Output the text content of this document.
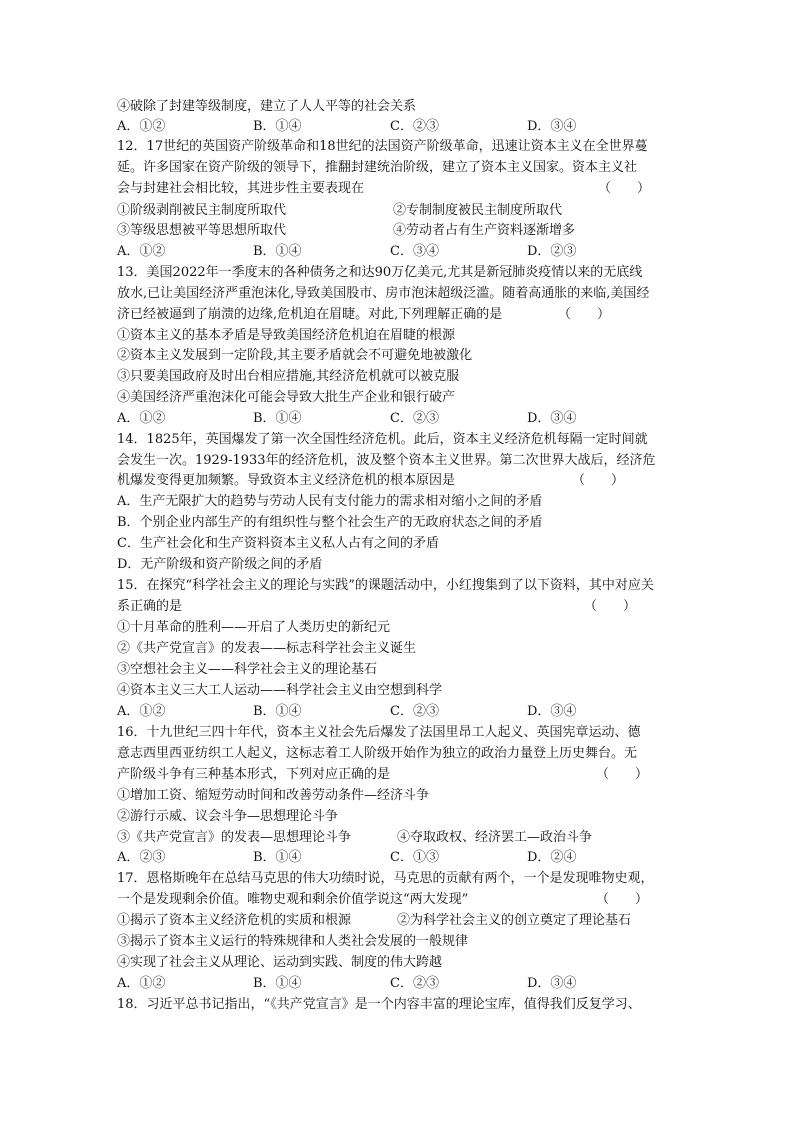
④破除了封建等级制度，建立了人人平等的社会关系
A．①②	B．①④	C．②③	D．③④
12．17世纪的英国资产阶级革命和18世纪的法国资产阶级革命，迅速让资本主义在全世界蔓
延。许多国家在资产阶级的领导下，推翻封建统治阶级，建立了资本主义国家。资本主义社
会与封建社会相比较，其进步性主要表现在	（　　）
①阶级剥削被民主制度所取代	②专制制度被民主制度所取代
③等级思想被平等思想所取代	④劳动者占有生产资料逐渐增多
A．①②	B．①④	C．③④	D．②③
13．美国2022年一季度末的各种债务之和达90万亿美元,尤其是新冠肺炎疫情以来的无底线
放水,已让美国经济严重泡沫化,导致美国股市、房市泡沫超级泛滥。随着高通胀的来临,美国经
济已经被逼到了崩溃的边缘,危机迫在眉睫。对此,下列理解正确的是	（　　）
①资本主义的基本矛盾是导致美国经济危机迫在眉睫的根源
②资本主义发展到一定阶段,其主要矛盾就会不可避免地被激化
③只要美国政府及时出台相应措施,其经济危机就可以被克服
④美国经济严重泡沫化可能会导致大批生产企业和银行破产
A．①②	B．①④	C．②③	D．③④
14．1825年，英国爆发了第一次全国性经济危机。此后，资本主义经济危机每隔一定时间就
会发生一次。1929-1933年的经济危机，波及整个资本主义世界。第二次世界大战后，经济危
机爆发变得更加频繁。导致资本主义经济危机的根本原因是	（　　）
A．生产无限扩大的趋势与劳动人民有支付能力的需求相对缩小之间的矛盾
B．个别企业内部生产的有组织性与整个社会生产的无政府状态之间的矛盾
C．生产社会化和生产资料资本主义私人占有之间的矛盾
D．无产阶级和资产阶级之间的矛盾
15．在探究“科学社会主义的理论与实践”的课题活动中，小红搜集到了以下资料，其中对应关
系正确的是	（　　）
①十月革命的胜利——开启了人类历史的新纪元
②《共产党宣言》的发表——标志科学社会主义诞生
③空想社会主义——科学社会主义的理论基石
④资本主义三大工人运动——科学社会主义由空想到科学
A．①②	B．①④	C．②③	D．③④
16．十九世纪三四十年代，资本主义社会先后爆发了法国里昂工人起义、英国宪章运动、德
意志西里西亚纺织工人起义，这标志着工人阶级开始作为独立的政治力量登上历史舞台。无
产阶级斗争有三种基本形式，下列对应正确的是	（　　）
①增加工资、缩短劳动时间和改善劳动条件—经济斗争
②游行示威、议会斗争—思想理论斗争
③《共产党宣言》的发表—思想理论斗争	④夺取政权、经济罢工—政治斗争
A．②③	B．①④	C．①③	D．②④
17．恩格斯晚年在总结马克思的伟大功绩时说，马克思的贡献有两个，一个是发现唯物史观，
一个是发现剩余价值。唯物史观和剩余价值学说这“两大发现”	（　　）
①揭示了资本主义经济危机的实质和根源	②为科学社会主义的创立奠定了理论基石
③揭示了资本主义运行的特殊规律和人类社会发展的一般规律
④实现了社会主义从理论、运动到实践、制度的伟大跨越
A．①②	B．①④	C．②③	D．③④
18．习近平总书记指出，“《共产党宣言》是一个内容丰富的理论宝库，值得我们反复学习、
